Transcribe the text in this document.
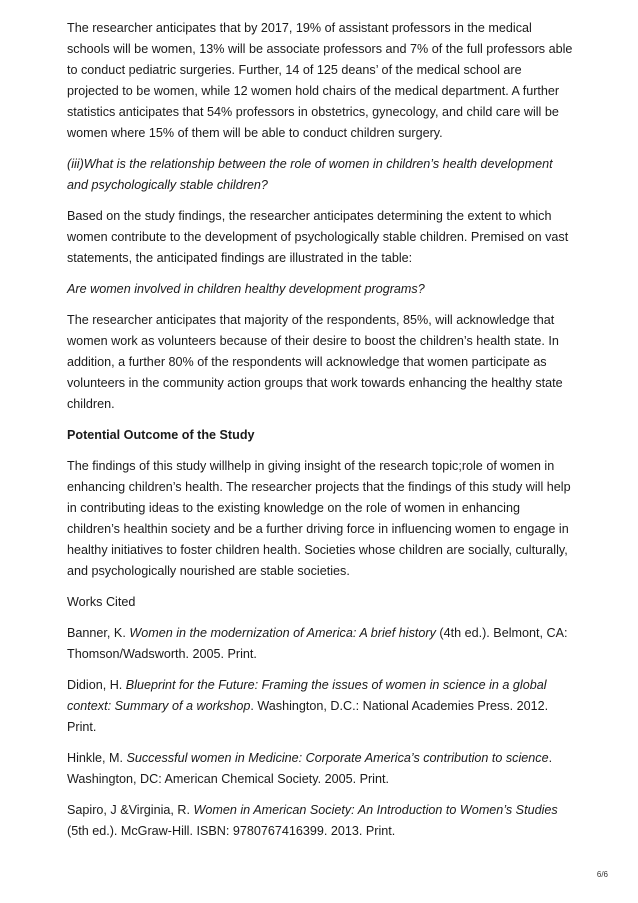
The researcher anticipates that by 2017, 19% of assistant professors in the medical schools will be women, 13% will be associate professors and 7% of the full professors able to conduct pediatric surgeries. Further, 14 of 125 deans’ of the medical school are projected to be women, while 12 women hold chairs of the medical department. A further statistics anticipates that 54% professors in obstetrics, gynecology, and child care will be women where 15% of them will be able to conduct children surgery.

(iii)What is the relationship between the role of women in children’s health development and psychologically stable children?

Based on the study findings, the researcher anticipates determining the extent to which women contribute to the development of psychologically stable children. Premised on vast statements, the anticipated findings are illustrated in the table:

Are women involved in children healthy development programs?

The researcher anticipates that majority of the respondents, 85%, will acknowledge that women work as volunteers because of their desire to boost the children’s health state. In addition, a further 80% of the respondents will acknowledge that women participate as volunteers in the community action groups that work towards enhancing the healthy state children.

Potential Outcome of the Study

The findings of this study willhelp in giving insight of the research topic;role of women in enhancing children’s health. The researcher projects that the findings of this study will help in contributing ideas to the existing knowledge on the role of women in enhancing children’s healthin society and be a further driving force in influencing women to engage in healthy initiatives to foster children health. Societies whose children are socially, culturally, and psychologically nourished are stable societies.

Works Cited

Banner, K. Women in the modernization of America: A brief history (4th ed.). Belmont, CA: Thomson/Wadsworth. 2005. Print.

Didion, H. Blueprint for the Future: Framing the issues of women in science in a global context: Summary of a workshop. Washington, D.C.: National Academies Press. 2012. Print.

Hinkle, M. Successful women in Medicine: Corporate America’s contribution to science. Washington, DC: American Chemical Society. 2005. Print.

Sapiro, J &Virginia, R. Women in American Society: An Introduction to Women’s Studies (5th ed.). McGraw-Hill. ISBN: 9780767416399. 2013. Print.

6/6
